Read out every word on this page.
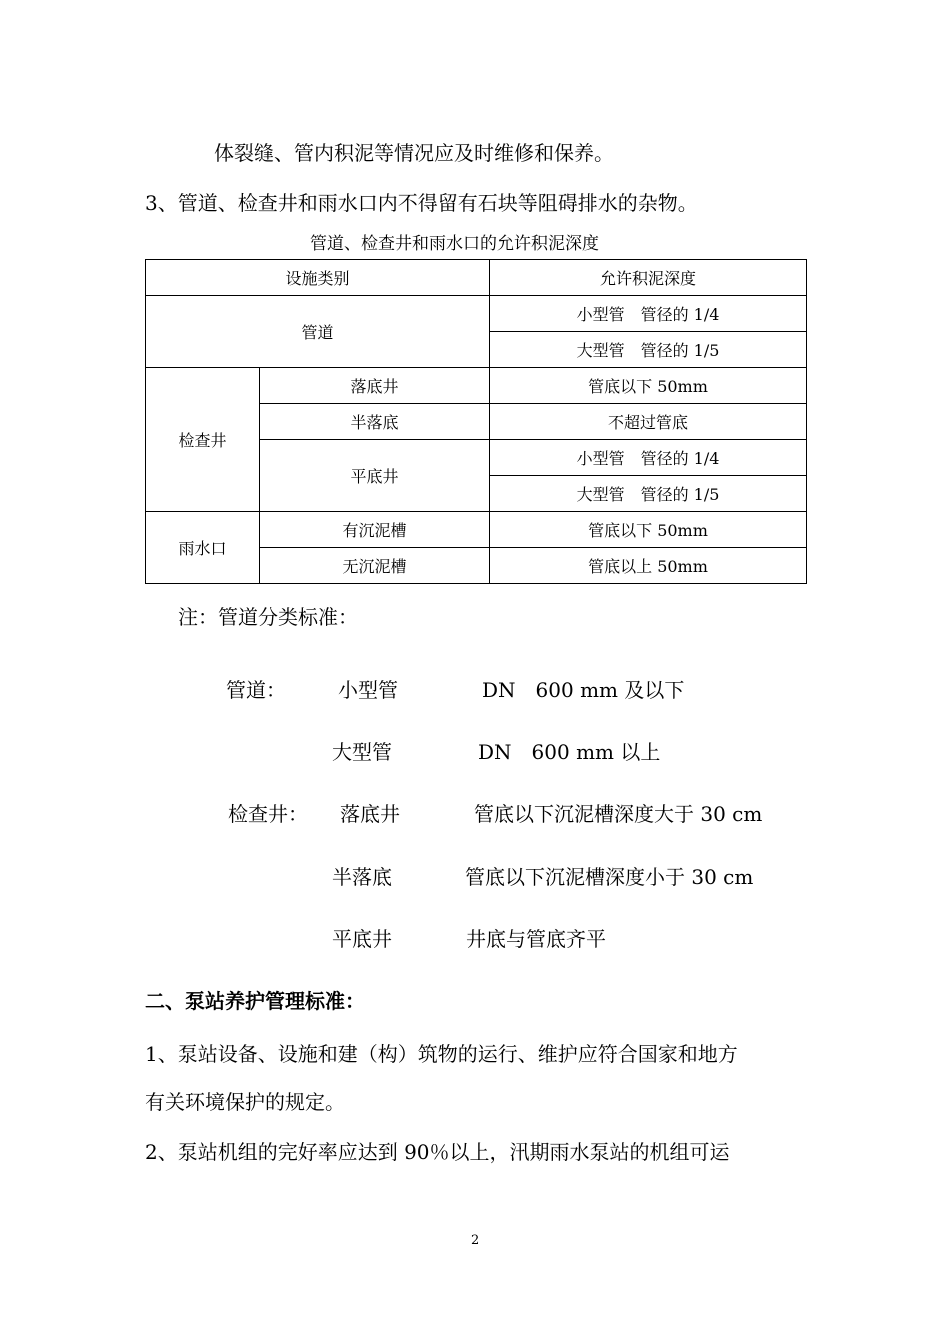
体裂缝、管内积泥等情况应及时维修和保养。
3、管道、检查井和雨水口内不得留有石块等阻碍排水的杂物。
管道、检查井和雨水口的允许积泥深度
设施类别		允许积泥深度
管道		小型管　管径的 1/4
		大型管　管径的 1/5
检查井	落底井	管底以下 50mm
	半落底	不超过管底
	平底井	小型管　管径的 1/4
		大型管　管径的 1/5
雨水口	有沉泥槽	管底以下 50mm
	无沉泥槽	管底以上 50mm
注：管道分类标准：
管道：	小型管	DN　600 mm 及以下
大型管	DN　600 mm 以上
检查井： 落底井	管底以下沉泥槽深度大于 30 cm
半落底	管底以下沉泥槽深度小于 30 cm
平底井	井底与管底齐平
二、泵站养护管理标准：
1、泵站设备、设施和建（构）筑物的运行、维护应符合国家和地方
有关环境保护的规定。
2、泵站机组的完好率应达到 90％以上，汛期雨水泵站的机组可运
2
